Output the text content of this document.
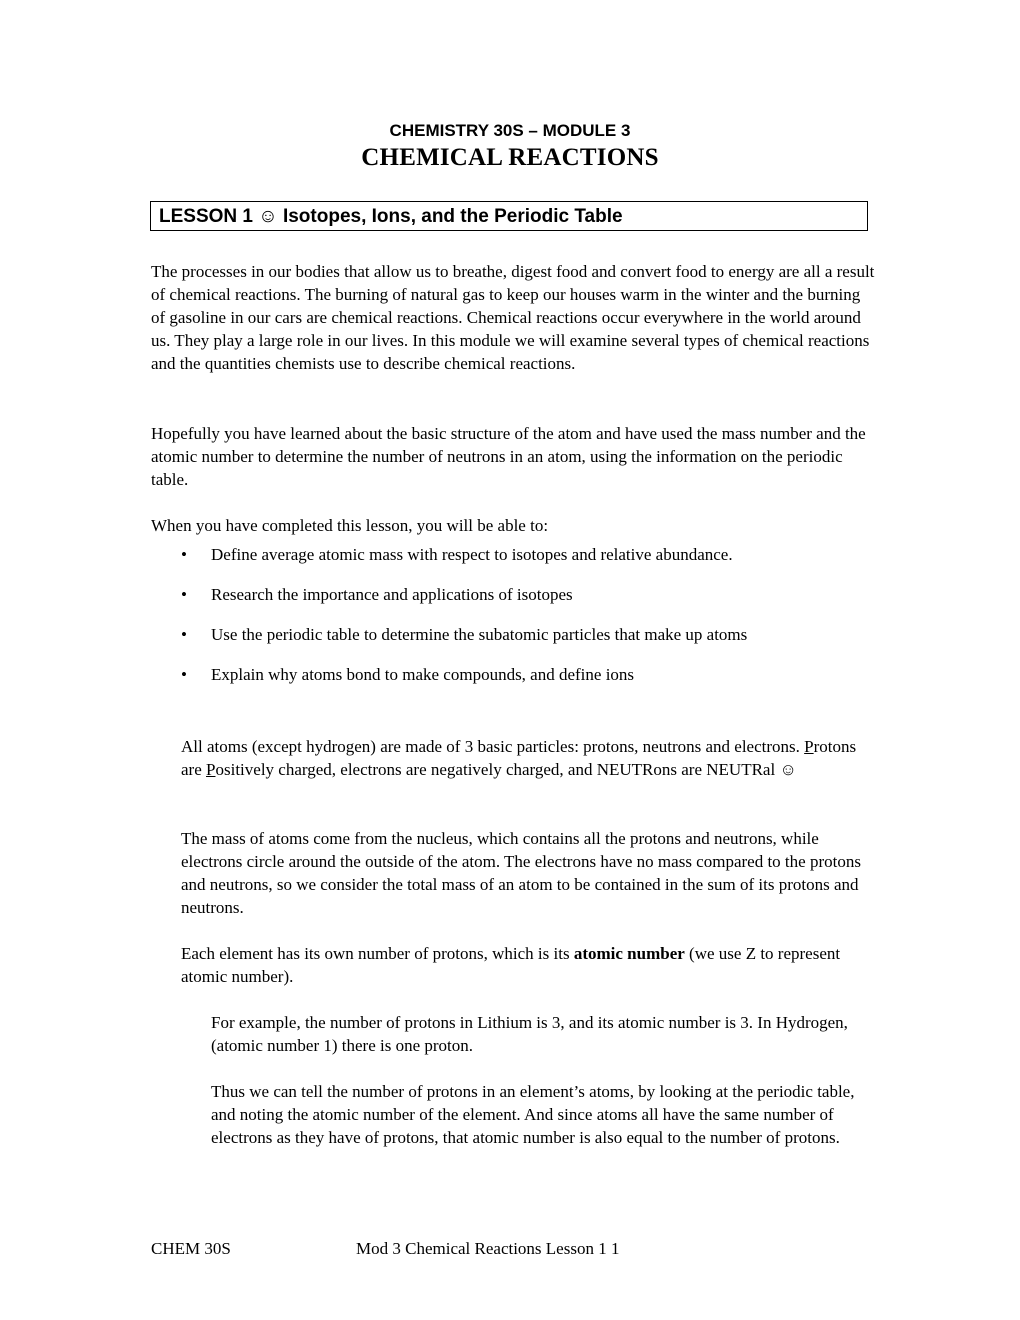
CHEMISTRY 30S – MODULE 3
CHEMICAL REACTIONS
LESSON 1 ☺ Isotopes, Ions, and the Periodic Table

The processes in our bodies that allow us to breathe, digest food and convert food to energy are all a result of chemical reactions. The burning of natural gas to keep our houses warm in the winter and the burning of gasoline in our cars are chemical reactions. Chemical reactions occur everywhere in the world around us. They play a large role in our lives. In this module we will examine several types of chemical reactions and the quantities chemists use to describe chemical reactions.

Hopefully you have learned about the basic structure of the atom and have used the mass number and the atomic number to determine the number of neutrons in an atom, using the information on the periodic table.

When you have completed this lesson, you will be able to:

• Define average atomic mass with respect to isotopes and relative abundance.
• Research the importance and applications of isotopes
• Use the periodic table to determine the subatomic particles that make up atoms
• Explain why atoms bond to make compounds, and define ions

All atoms (except hydrogen) are made of 3 basic particles: protons, neutrons and electrons. Protons are Positively charged, electrons are negatively charged, and NEUTRons are NEUTRal ☺

The mass of atoms come from the nucleus, which contains all the protons and neutrons, while electrons circle around the outside of the atom. The electrons have no mass compared to the protons and neutrons, so we consider the total mass of an atom to be contained in the sum of its protons and neutrons.

Each element has its own number of protons, which is its atomic number (we use Z to represent atomic number).

For example, the number of protons in Lithium is 3, and its atomic number is 3. In Hydrogen, (atomic number 1) there is one proton.

Thus we can tell the number of protons in an element’s atoms, by looking at the periodic table, and noting the atomic number of the element. And since atoms all have the same number of electrons as they have of protons, that atomic number is also equal to the number of protons.

CHEM 30S	Mod 3 Chemical Reactions Lesson 1 1
